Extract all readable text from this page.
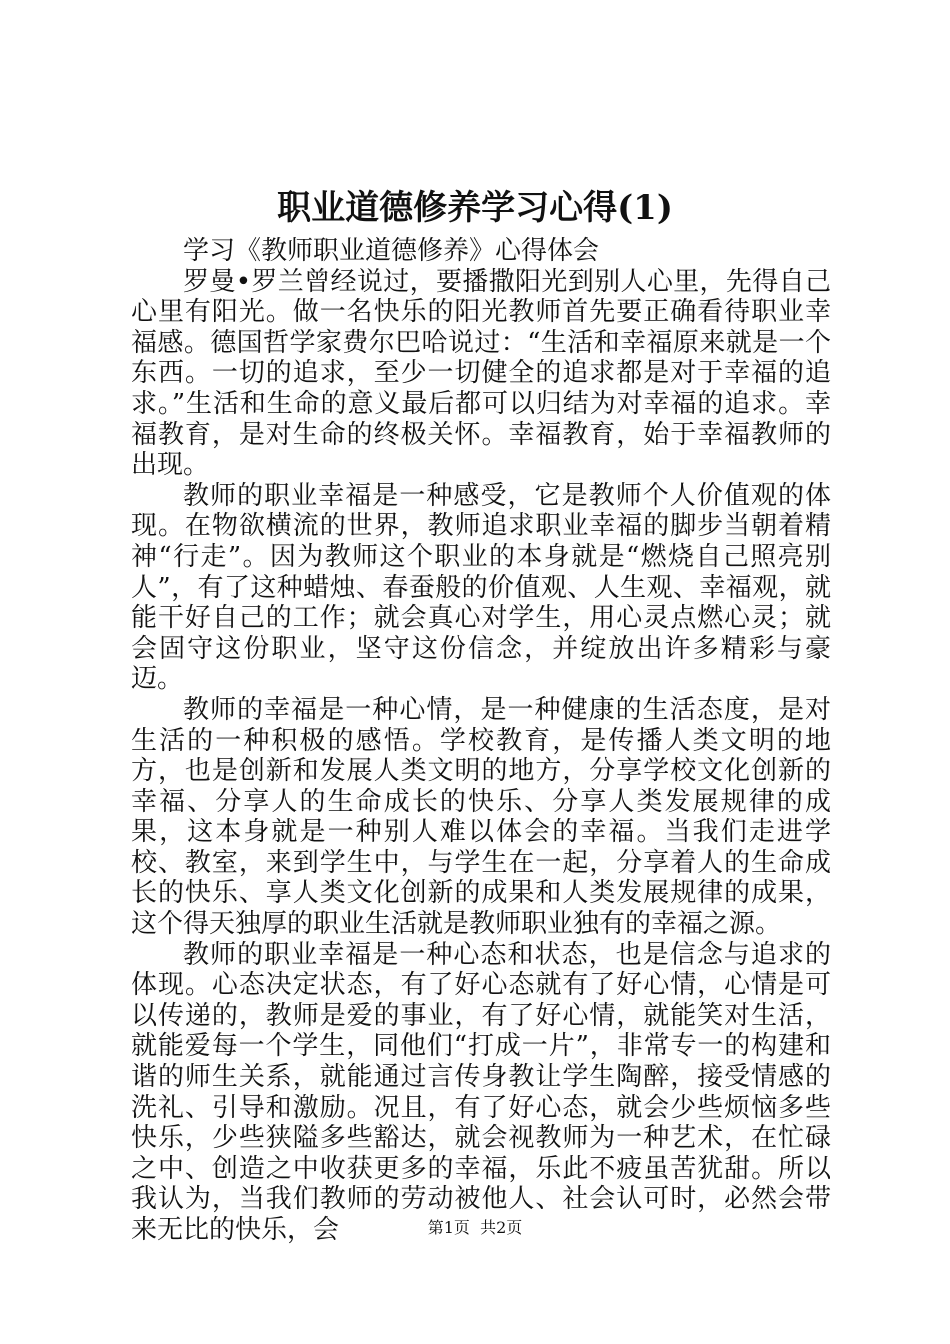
职业道德修养学习心得(1)

学习《教师职业道德修养》心得体会

罗曼•罗兰曾经说过，要播撒阳光到别人心里，先得自己心里有阳光。做一名快乐的阳光教师首先要正确看待职业幸福感。德国哲学家费尔巴哈说过：“生活和幸福原来就是一个东西。一切的追求，至少一切健全的追求都是对于幸福的追求。”生活和生命的意义最后都可以归结为对幸福的追求。幸福教育，是对生命的终极关怀。幸福教育，始于幸福教师的出现。

教师的职业幸福是一种感受，它是教师个人价值观的体现。在物欲横流的世界，教师追求职业幸福的脚步当朝着精神“行走”。因为教师这个职业的本身就是“燃烧自己照亮别人”，有了这种蜡烛、春蚕般的价值观、人生观、幸福观，就能干好自己的工作；就会真心对学生，用心灵点燃心灵；就会固守这份职业，坚守这份信念，并绽放出许多精彩与豪迈。

教师的幸福是一种心情，是一种健康的生活态度，是对生活的一种积极的感悟。学校教育，是传播人类文明的地方，也是创新和发展人类文明的地方，分享学校文化创新的幸福、分享人的生命成长的快乐、分享人类发展规律的成果，这本身就是一种别人难以体会的幸福。当我们走进学校、教室，来到学生中，与学生在一起，分享着人的生命成长的快乐、享人类文化创新的成果和人类发展规律的成果，这个得天独厚的职业生活就是教师职业独有的幸福之源。

教师的职业幸福是一种心态和状态，也是信念与追求的体现。心态决定状态，有了好心态就有了好心情，心情是可以传递的，教师是爱的事业，有了好心情，就能笑对生活，就能爱每一个学生，同他们“打成一片”，非常专一的构建和谐的师生关系，就能通过言传身教让学生陶醉，接受情感的洗礼、引导和激励。况且，有了好心态，就会少些烦恼多些快乐，少些狭隘多些豁达，就会视教师为一种艺术，在忙碌之中、创造之中收获更多的幸福，乐此不疲虽苦犹甜。所以我认为，当我们教师的劳动被他人、社会认可时，必然会带来无比的快乐，会	第1页  共2页
